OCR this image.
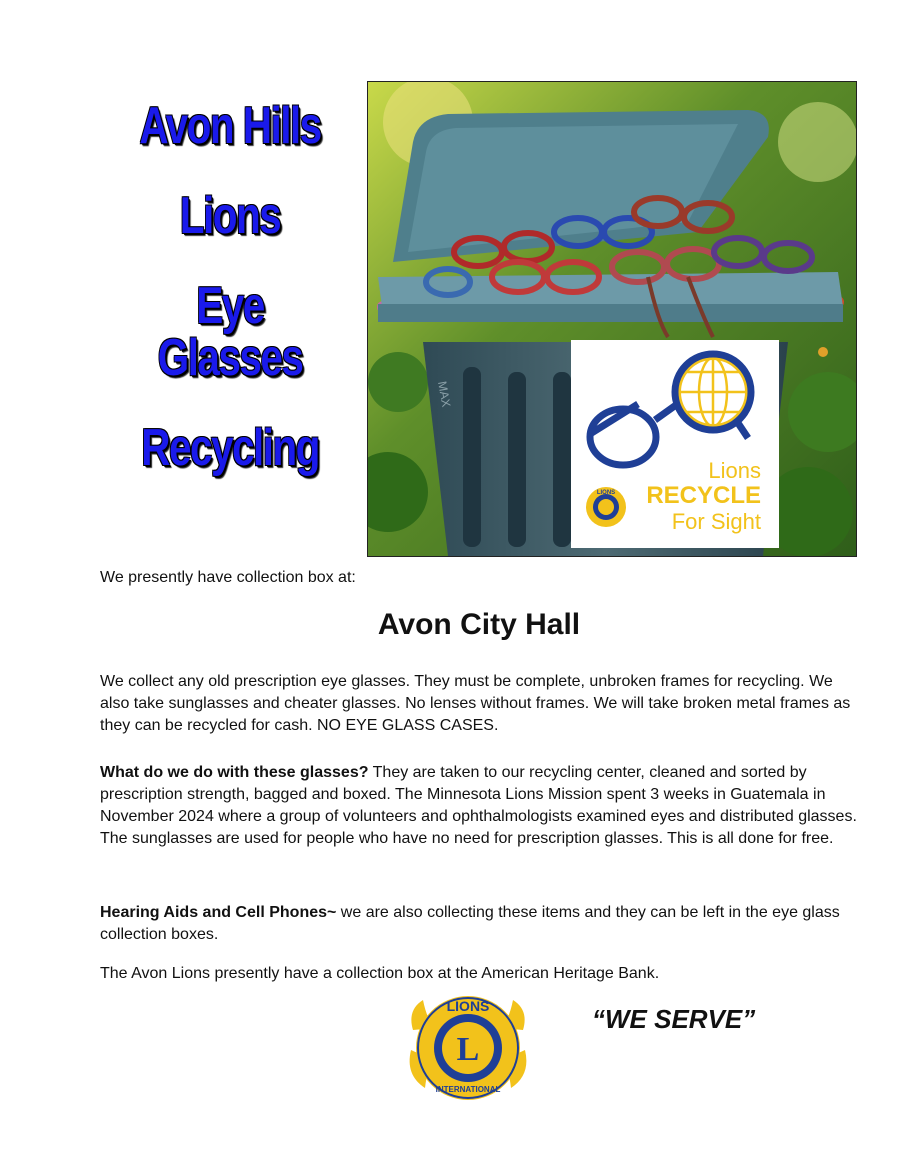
Avon Hills
Lions
Eye Glasses
Recycling
MAX
Lions
RECYCLE
For Sight
LIONS
We presently have collection box at:
Avon City Hall
We collect any old prescription eye glasses. They must be complete, unbroken frames for recycling. We also take sunglasses and cheater glasses. No lenses without frames. We will take broken metal frames as they can be recycled for cash. NO EYE GLASS CASES.
What do we do with these glasses? They are taken to our recycling center, cleaned and sorted by prescription strength, bagged and boxed. The Minnesota Lions Mission spent 3 weeks in Guatemala in November 2024 where a group of volunteers and ophthalmologists examined eyes and distributed glasses. The sunglasses are used for people who have no need for prescription glasses. This is all done for free.
Hearing Aids and Cell Phones~ we are also collecting these items and they can be left in the eye glass collection boxes.
The Avon Lions presently have a collection box at the American Heritage Bank.
L
LIONS
INTERNATIONAL
“WE SERVE”
